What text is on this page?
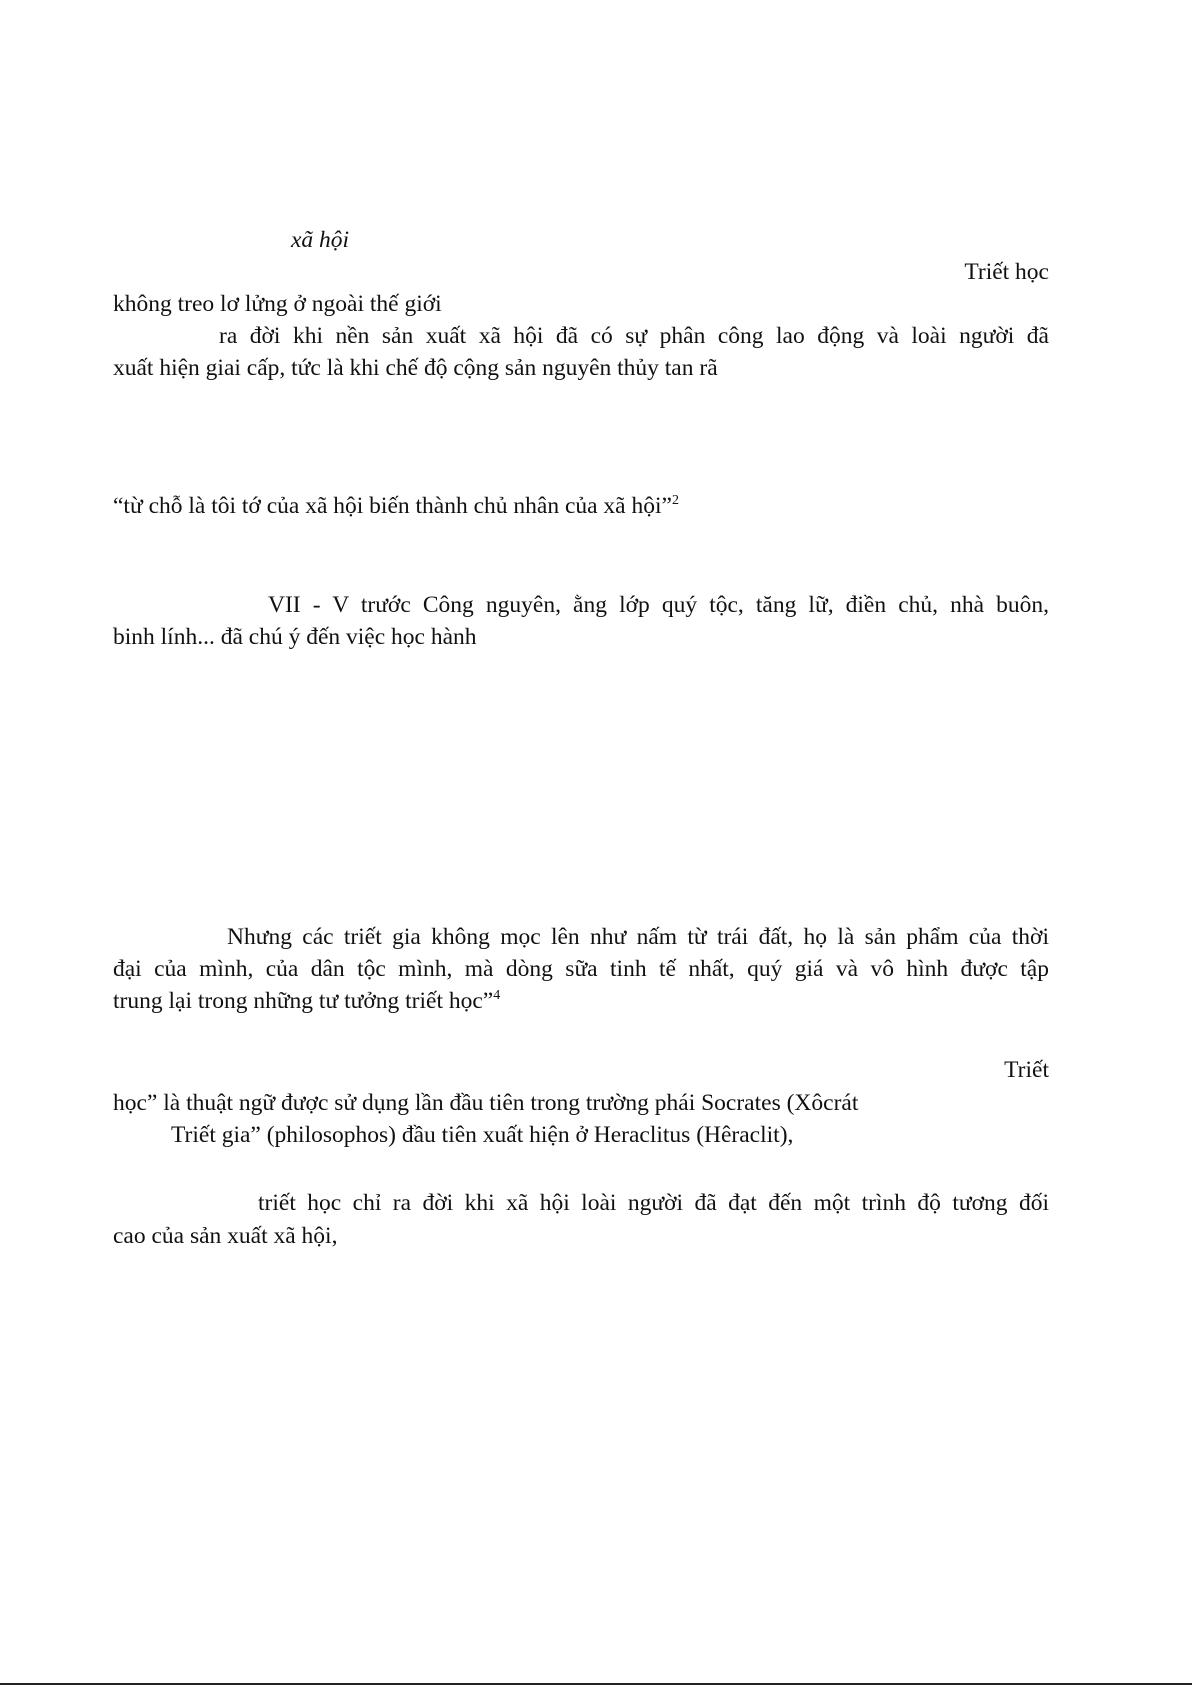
xã hội

Triết học

không treo lơ lửng ở ngoài thế giới

ra đời khi nền sản xuất xã hội đã có sự phân công lao động và loài người đã

xuất hiện giai cấp, tức là khi chế độ cộng sản nguyên thủy tan rã

“từ chỗ là tôi tớ của xã hội biến thành chủ nhân của xã hội”$^2$

VII - V trước Công nguyên, ằng lớp quý tộc, tăng lữ, điền chủ, nhà buôn,

binh lính... đã chú ý đến việc học hành

Nhưng các triết gia không mọc lên như nấm từ trái đất, họ là sản phẩm của thời

đại của mình, của dân tộc mình, mà dòng sữa tinh tế nhất, quý giá và vô hình được tập

trung lại trong những tư tưởng triết học”$^4$

Triết

học” là thuật ngữ được sử dụng lần đầu tiên trong trường phái Socrates (Xôcrát

Triết gia” (philosophos) đầu tiên xuất hiện ở Heraclitus (Hêraclit),

triết học chỉ ra đời khi xã hội loài người đã đạt đến một trình độ tương đối

cao của sản xuất xã hội,
